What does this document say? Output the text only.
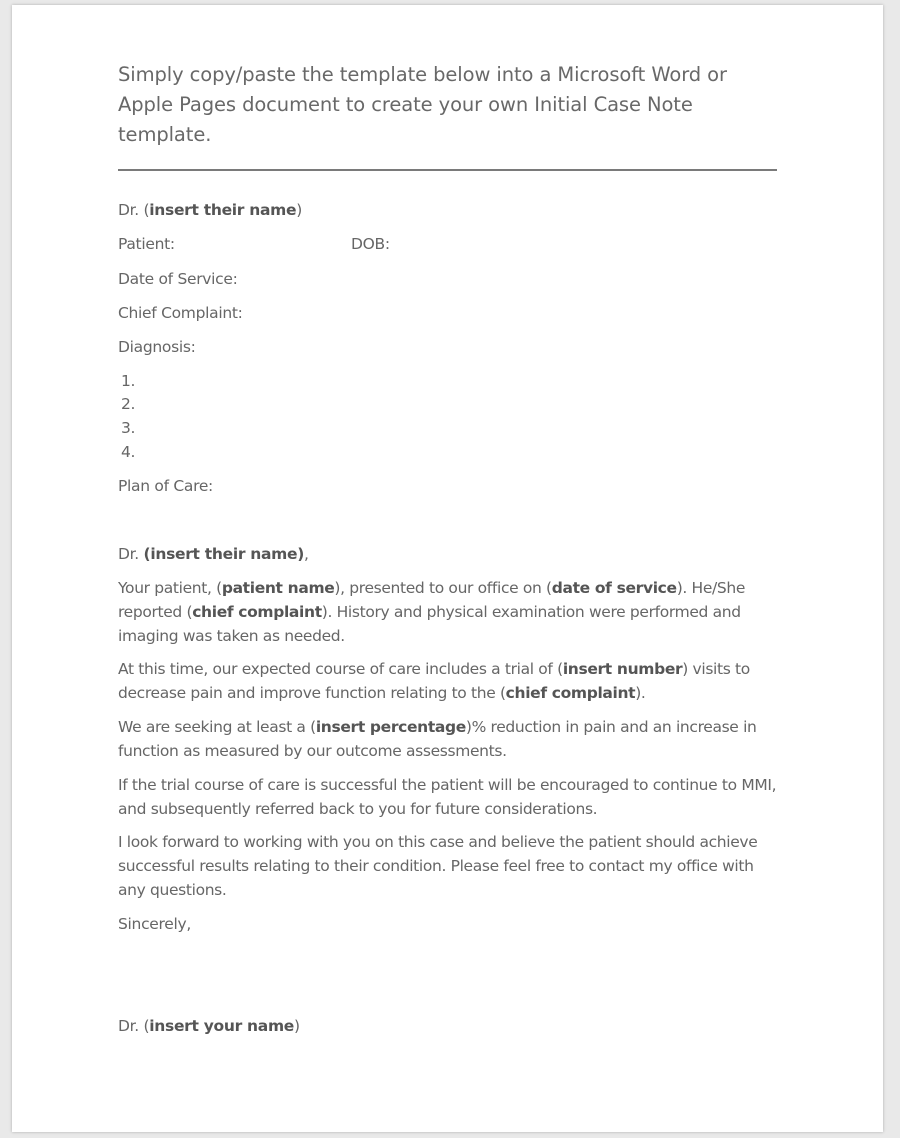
Simply copy/paste the template below into a Microsoft Word or Apple Pages document to create your own Initial Case Note template.

Dr. (insert their name)

Patient:	DOB:

Date of Service:

Chief Complaint:

Diagnosis:

1.

2.

3.

4.

Plan of Care:

Dr. (insert their name),

Your patient, (patient name), presented to our office on (date of service). He/She reported (chief complaint). History and physical examination were performed and imaging was taken as needed.

At this time, our expected course of care includes a trial of (insert number) visits to decrease pain and improve function relating to the (chief complaint).

We are seeking at least a (insert percentage)% reduction in pain and an increase in function as measured by our outcome assessments.

If the trial course of care is successful the patient will be encouraged to continue to MMI, and subsequently referred back to you for future considerations.

I look forward to working with you on this case and believe the patient should achieve successful results relating to their condition. Please feel free to contact my office with any questions.

Sincerely,

Dr. (insert your name)
